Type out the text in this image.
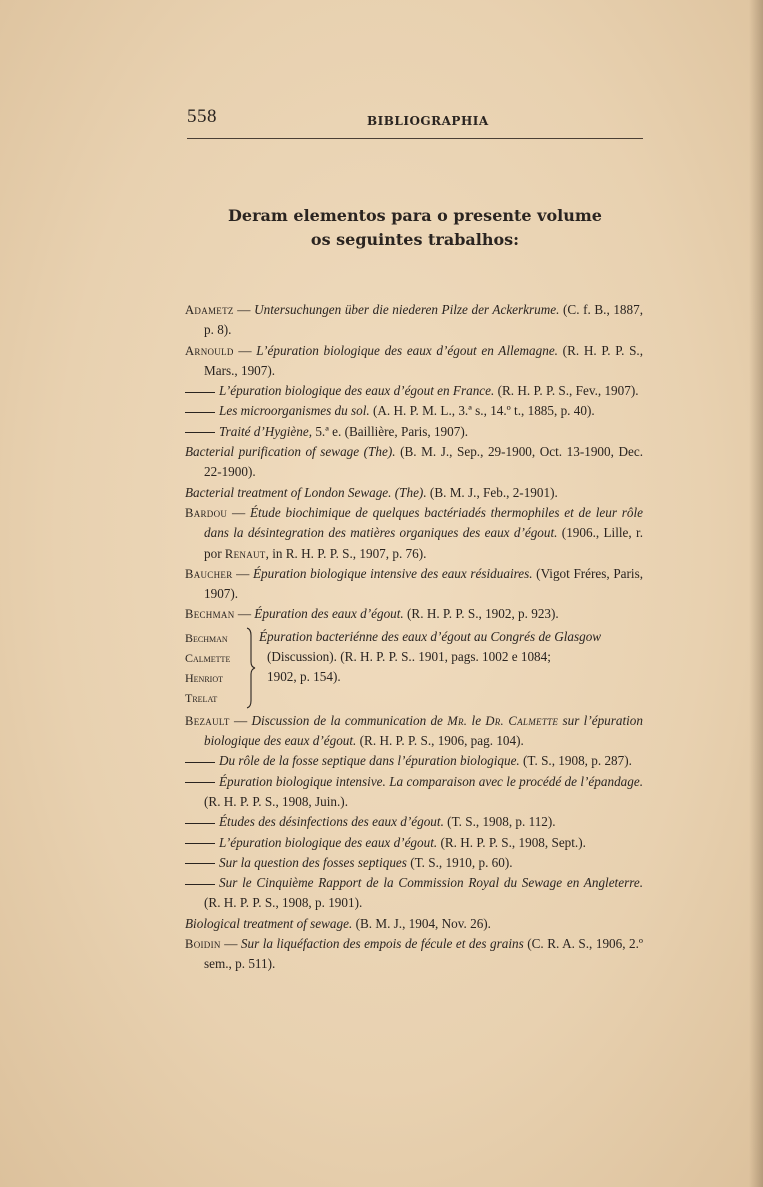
558	BIBLIOGRAPHIA
Deram elementos para o presente volume
os seguintes trabalhos:
Adametz — Untersuchungen über die niederen Pilze der Ackerkrume. (C. f. B., 1887, p. 8).
Arnould — L’épuration biologique des eaux d’égout en Allemagne. (R. H. P. P. S., Mars., 1907).
L’épuration biologique des eaux d’égout en France. (R. H. P. P. S., Fev., 1907).
Les microorganismes du sol. (A. H. P. M. L., 3.ª s., 14.º t., 1885, p. 40).
Traité d’Hygiène, 5.ª e. (Baillière, Paris, 1907).
Bacterial purification of sewage (The). (B. M. J., Sep., 29-1900, Oct. 13-1900, Dec. 22-1900).
Bacterial treatment of London Sewage. (The). (B. M. J., Feb., 2-1901).
Bardou — Étude biochimique de quelques bactériadés thermophiles et de leur rôle dans la désintegration des matières organiques des eaux d’égout. (1906., Lille, r. por Renaut, in R. H. P. P. S., 1907, p. 76).
Baucher — Épuration biologique intensive des eaux résiduaires. (Vigot Fréres, Paris, 1907).
Bechman — Épuration des eaux d’égout. (R. H. P. P. S., 1902, p. 923).
Bechman
Calmette
Henriot
Trelat
Épuration bacteriénne des eaux d’égout au Congrés de Glasgow
(Discussion). (R. H. P. P. S.. 1901, pags. 1002 e 1084;
1902, p. 154).
Bezault — Discussion de la communication de Mr. le Dr. Calmette sur l’épuration biologique des eaux d’égout. (R. H. P. P. S., 1906, pag. 104).
Du rôle de la fosse septique dans l’épuration biologique. (T. S., 1908, p. 287).
Épuration biologique intensive. La comparaison avec le procédé de l’épandage. (R. H. P. P. S., 1908, Juin.).
Études des désinfections des eaux d’égout. (T. S., 1908, p. 112).
L’épuration biologique des eaux d’égout. (R. H. P. P. S., 1908, Sept.).
Sur la question des fosses septiques (T. S., 1910, p. 60).
Sur le Cinquième Rapport de la Commission Royal du Sewage en Angleterre. (R. H. P. P. S., 1908, p. 1901).
Biological treatment of sewage. (B. M. J., 1904, Nov. 26).
Boidin — Sur la liquéfaction des empois de fécule et des grains (C. R. A. S., 1906, 2.º sem., p. 511).
